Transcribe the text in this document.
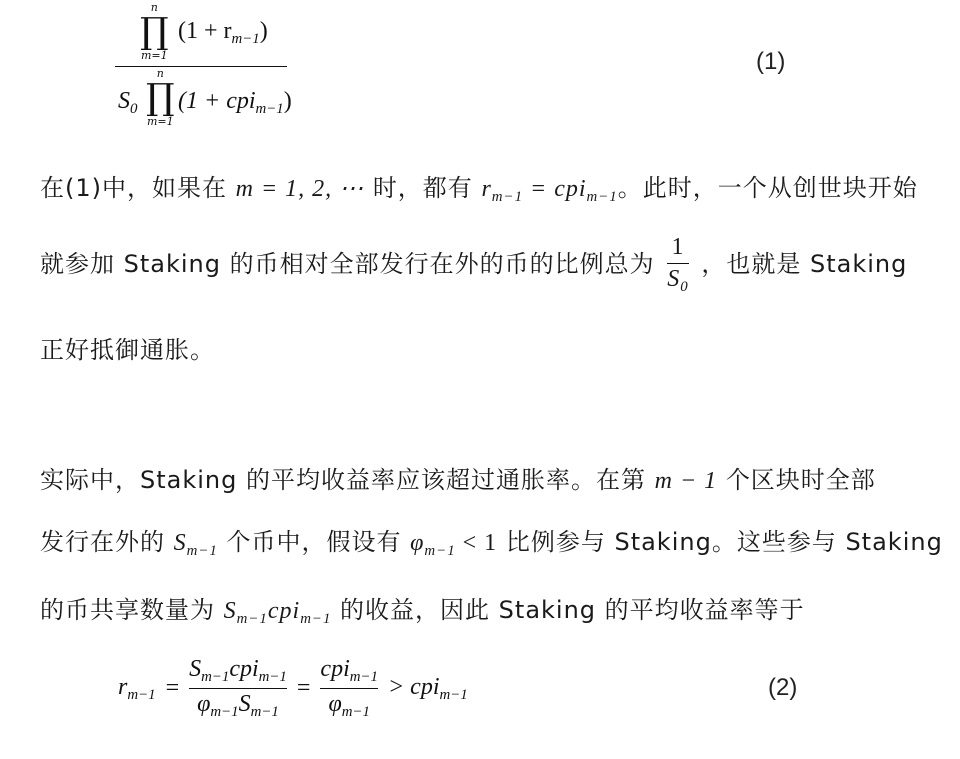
n
∏
m=1
$(1 + r_{m-1})$
$S_0$
n
∏
m=1
(1 + cpi$_{m-1}$)
(1)
在(1)中，如果在 m = 1, 2, ⋯ 时，都有 $r_{m-1} = cpi_{m-1}$。此时，一个从创世块开始
就参加 Staking 的币相对全部发行在外的币的比例总为 $\frac{1}{S_0}$ ，也就是 Staking
正好抵御通胀。
实际中，Staking 的平均收益率应该超过通胀率。在第 m − 1 个区块时全部
发行在外的 $S_{m-1}$ 个币中，假设有 $\varphi_{m-1} < 1$ 比例参与 Staking。这些参与 Staking
的币共享数量为 $S_{m-1}cpi_{m-1}$ 的收益，因此 Staking 的平均收益率等于
$r_{m-1} = \frac{S_{m-1}cpi_{m-1}}{\varphi_{m-1}S_{m-1}} = \frac{cpi_{m-1}}{\varphi_{m-1}} > cpi_{m-1}$	(2)
